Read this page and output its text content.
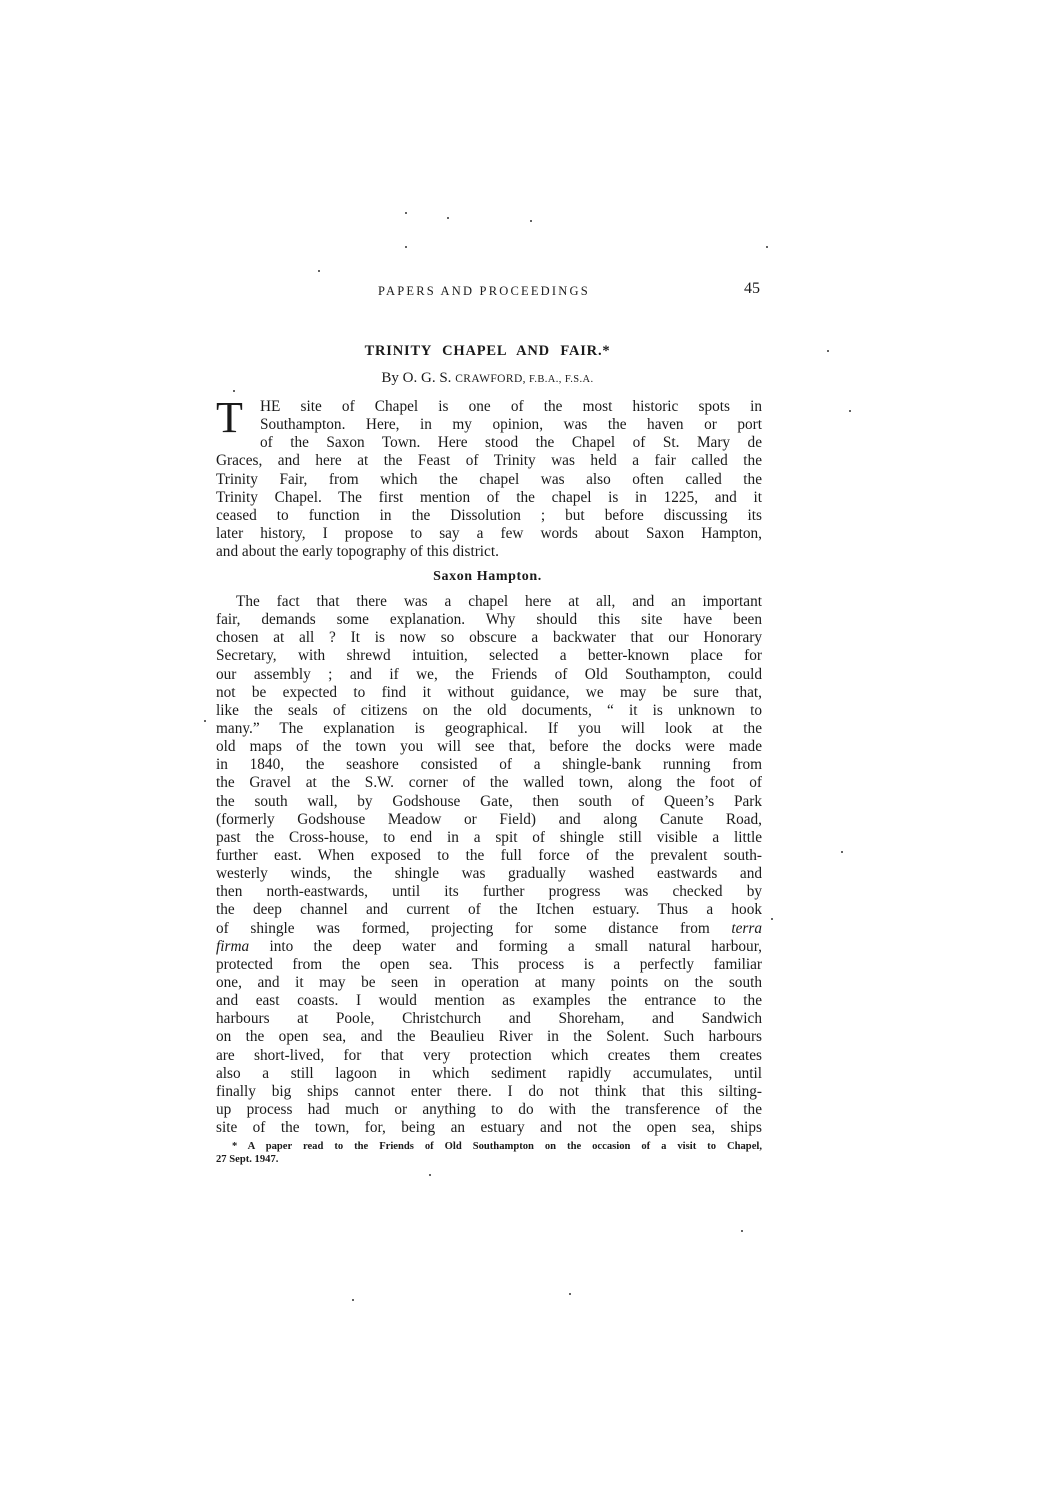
PAPERS AND PROCEEDINGS	45
TRINITY CHAPEL AND FAIR.*

By O. G. S. CRAWFORD, F.B.A., F.S.A.

T	HE site of Chapel is one of the most historic spots in
Southampton. Here, in my opinion, was the haven or port
of the Saxon Town. Here stood the Chapel of St. Mary de
Graces, and here at the Feast of Trinity was held a fair called the
Trinity Fair, from which the chapel was also often called the
Trinity Chapel. The first mention of the chapel is in 1225, and it
ceased to function in the Dissolution ; but before discussing its
later history, I propose to say a few words about Saxon Hampton,
and about the early topography of this district.
Saxon Hampton.
The fact that there was a chapel here at all, and an important
fair, demands some explanation. Why should this site have been
chosen at all ? It is now so obscure a backwater that our Honorary
Secretary, with shrewd intuition, selected a better-known place for
our assembly ; and if we, the Friends of Old Southampton, could
not be expected to find it without guidance, we may be sure that,
like the seals of citizens on the old documents, “ it is unknown to
many.” The explanation is geographical. If you will look at the
old maps of the town you will see that, before the docks were made
in 1840, the seashore consisted of a shingle-bank running from
the Gravel at the S.W. corner of the walled town, along the foot of
the south wall, by Godshouse Gate, then south of Queen’s Park
(formerly Godshouse Meadow or Field) and along Canute Road,
past the Cross-house, to end in a spit of shingle still visible a little
further east. When exposed to the full force of the prevalent south-
westerly winds, the shingle was gradually washed eastwards and
then north-eastwards, until its further progress was checked by
the deep channel and current of the Itchen estuary. Thus a hook
of shingle was formed, projecting for some distance from terra
firma into the deep water and forming a small natural harbour,
protected from the open sea. This process is a perfectly familiar
one, and it may be seen in operation at many points on the south
and east coasts. I would mention as examples the entrance to the
harbours at Poole, Christchurch and Shoreham, and Sandwich
on the open sea, and the Beaulieu River in the Solent. Such harbours
are short-lived, for that very protection which creates them creates
also a still lagoon in which sediment rapidly accumulates, until
finally big ships cannot enter there. I do not think that this silting-
up process had much or anything to do with the transference of the
site of the town, for, being an estuary and not the open sea, ships
* A paper read to the Friends of Old Southampton on the occasion of a visit to Chapel,
27 Sept. 1947.
